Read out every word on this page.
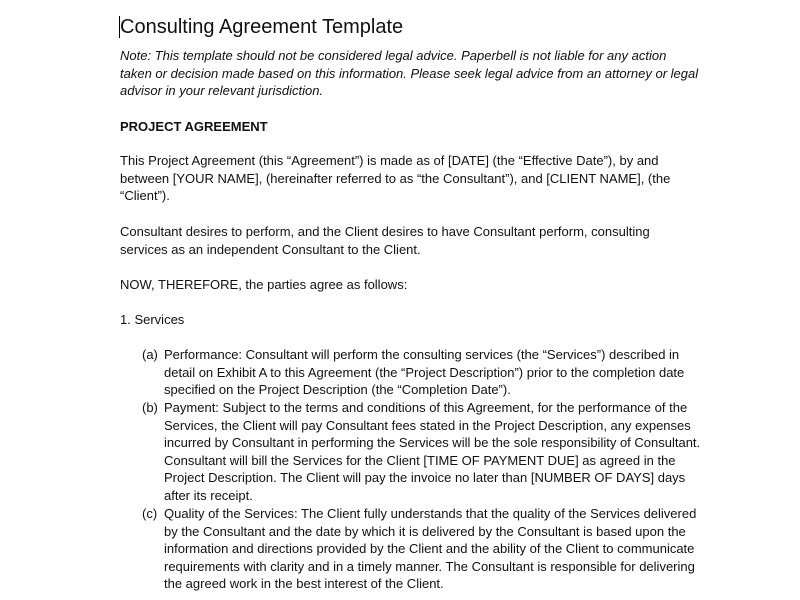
Consulting Agreement Template
Note: This template should not be considered legal advice. Paperbell is not liable for any action taken or decision made based on this information. Please seek legal advice from an attorney or legal advisor in your relevant jurisdiction.
PROJECT AGREEMENT
This Project Agreement (this “Agreement”) is made as of [DATE] (the “Effective Date”), by and between [YOUR NAME], (hereinafter referred to as “the Consultant”), and [CLIENT NAME], (the “Client”).
Consultant desires to perform, and the Client desires to have Consultant perform, consulting services as an independent Consultant to the Client.
NOW, THEREFORE, the parties agree as follows:
1. Services
(a) Performance: Consultant will perform the consulting services (the “Services”) described in detail on Exhibit A to this Agreement (the “Project Description”) prior to the completion date specified on the Project Description (the “Completion Date”).
(b) Payment: Subject to the terms and conditions of this Agreement, for the performance of the Services, the Client will pay Consultant fees stated in the Project Description, any expenses incurred by Consultant in performing the Services will be the sole responsibility of Consultant. Consultant will bill the Services for the Client [TIME OF PAYMENT DUE] as agreed in the Project Description. The Client will pay the invoice no later than [NUMBER OF DAYS] days after its receipt.
(c) Quality of the Services: The Client fully understands that the quality of the Services delivered by the Consultant and the date by which it is delivered by the Consultant is based upon the information and directions provided by the Client and the ability of the Client to communicate requirements with clarity and in a timely manner. The Consultant is responsible for delivering the agreed work in the best interest of the Client.
